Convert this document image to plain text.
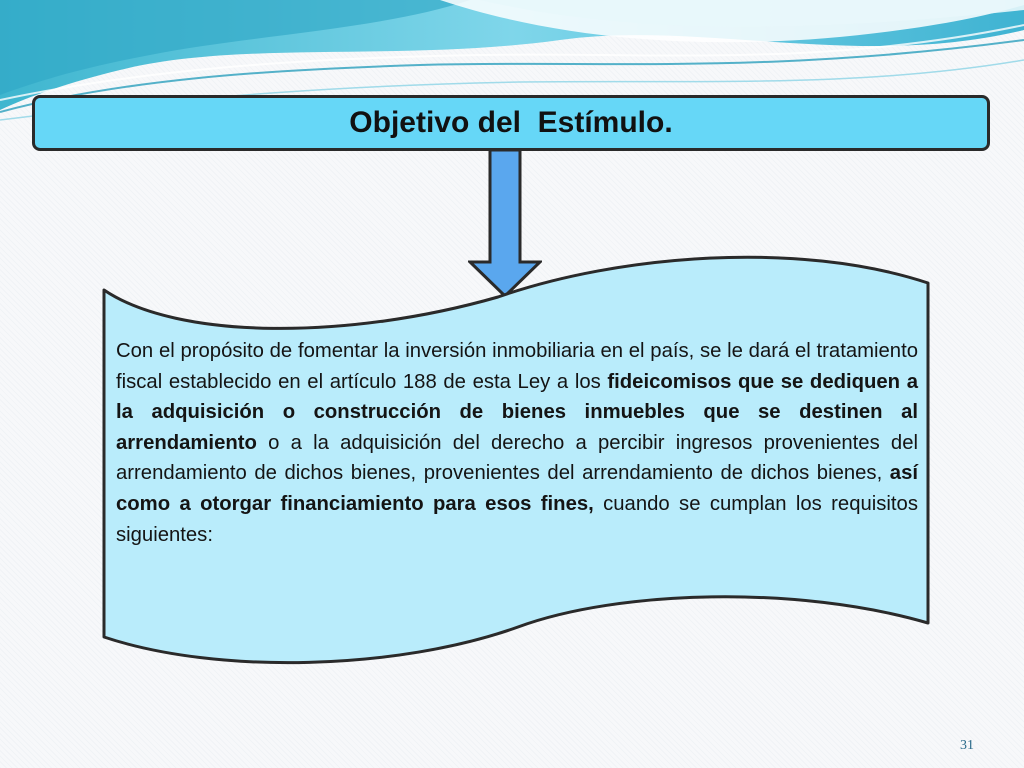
Objetivo del  Estímulo.
Con el propósito de fomentar la inversión inmobiliaria en el país, se le dará el tratamiento fiscal establecido en el artículo 188 de esta Ley a los fideicomisos que se dediquen a la adquisición o construcción de bienes inmuebles que se destinen al arrendamiento o a la adquisición del derecho a percibir ingresos provenientes del arrendamiento de dichos bienes, provenientes del arrendamiento de dichos bienes, así como a otorgar financiamiento para esos fines, cuando se cumplan los requisitos siguientes:
31
